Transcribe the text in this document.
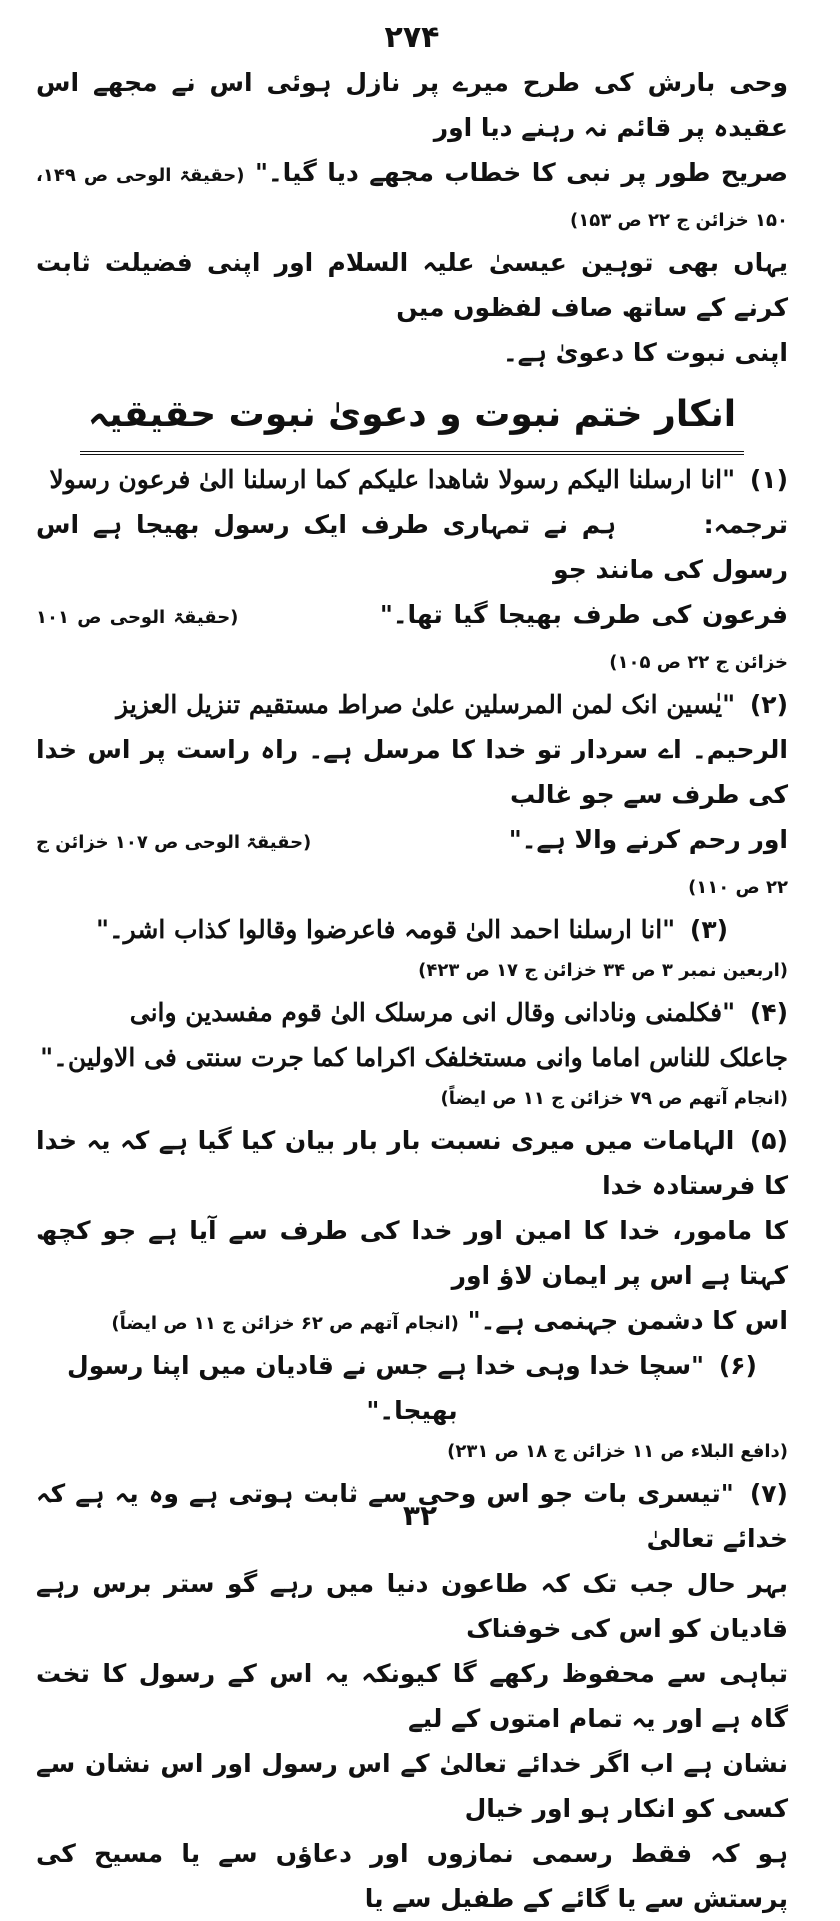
٢٧۴

وحی بارش کی طرح میرے پر نازل ہوئی اس نے مجھے اس عقیدہ پر قائم نہ رہنے دیا اور

صریح طور پر نبی کا خطاب مجھے دیا گیا۔" (حقیقۃ الوحی ص ۱۴۹، ۱۵۰ خزائن ج ۲۲ ص ۱۵۳)

یہاں بھی توہین عیسیٰ علیہ السلام اور اپنی فضیلت ثابت کرنے کے ساتھ صاف لفظوں میں

اپنی نبوت کا دعویٰ ہے۔

انکار ختم نبوت و دعویٰ نبوت حقیقیہ

(۱) "انا ارسلنا الیکم رسولا شاھدا علیکم کما ارسلنا الیٰ فرعون رسولا

ترجمہ:  ہم نے تمہاری طرف ایک رسول بھیجا ہے اس رسول کی مانند جو

فرعون کی طرف بھیجا گیا تھا۔"  (حقیقۃ الوحی ص ۱۰۱ خزائن ج ۲۲ ص ۱۰۵)

(۲) "یٰسین انک لمن المرسلین علیٰ صراط مستقیم تنزیل العزیز

الرحیم۔ اے سردار تو خدا کا مرسل ہے۔ راہ راست پر اس خدا کی طرف سے جو غالب

اور رحم کرنے والا ہے۔"  (حقیقۃ الوحی ص ۱۰۷ خزائن ج ۲۲ ص ۱۱۰)

(۳) "انا ارسلنا احمد الیٰ قومہ فاعرضوا وقالوا کذاب اشر۔"

(اربعین نمبر ۳ ص ۳۴ خزائن ج ۱۷ ص ۴۲۳)

(۴) "فکلمنی ونادانی وقال انی مرسلک الیٰ قوم مفسدین وانی

جاعلک للناس اماما وانی مستخلفک اکراما کما جرت سنتی فی الاولین۔"

(انجام آتھم ص ۷۹ خزائن ج ۱۱ ص ایضاً)

(۵) الہامات میں میری نسبت بار بار بیان کیا گیا ہے کہ یہ خدا کا فرستادہ خدا

کا مامور، خدا کا امین اور خدا کی طرف سے آیا ہے جو کچھ کہتا ہے اس پر ایمان لاؤ اور

اس کا دشمن جہنمی ہے۔" (انجام آتھم ص ۶۲ خزائن ج ۱۱ ص ایضاً)

(۶) "سچا خدا وہی خدا ہے جس نے قادیان میں اپنا رسول بھیجا۔"

(دافع البلاء ص ۱۱ خزائن ج ۱۸ ص ۲۳۱)

(۷) "تیسری بات جو اس وحی سے ثابت ہوتی ہے وہ یہ ہے کہ خدائے تعالیٰ

بہر حال جب تک کہ طاعون دنیا میں رہے گو ستر برس رہے قادیان کو اس کی خوفناک

تباہی سے محفوظ رکھے گا کیونکہ یہ اس کے رسول کا تخت گاہ ہے اور یہ تمام امتوں کے لیے

نشان ہے اب اگر خدائے تعالیٰ کے اس رسول اور اس نشان سے کسی کو انکار ہو اور خیال

ہو کہ فقط رسمی نمازوں اور دعاؤں سے یا مسیح کی پرستش سے یا گائے کے طفیل سے یا

٣٢
